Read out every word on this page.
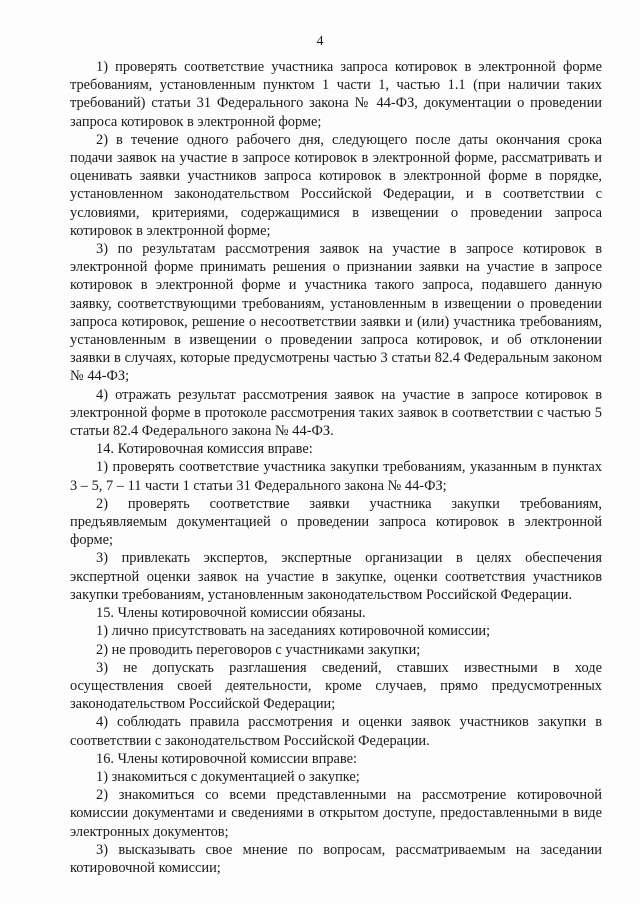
4

1) проверять соответствие участника запроса котировок в электронной форме требованиям, установленным пунктом 1 части 1, частью 1.1 (при наличии таких требований) статьи 31 Федерального закона № 44-ФЗ, документации о проведении запроса котировок в электронной форме;

2) в течение одного рабочего дня, следующего после даты окончания срока подачи заявок на участие в запросе котировок в электронной форме, рассматривать и оценивать заявки участников запроса котировок в электронной форме в порядке, установленном законодательством Российской Федерации, и в соответствии с условиями, критериями, содержащимися в извещении о проведении запроса котировок в электронной форме;

3) по результатам рассмотрения заявок на участие в запросе котировок в электронной форме принимать решения о признании заявки на участие в запросе котировок в электронной форме и участника такого запроса, подавшего данную заявку, соответствующими требованиям, установленным в извещении о проведении запроса котировок, решение о несоответствии заявки и (или) участника требованиям, установленным в извещении о проведении запроса котировок, и об отклонении заявки в случаях, которые предусмотрены частью 3 статьи 82.4 Федеральным законом № 44-ФЗ;

4) отражать результат рассмотрения заявок на участие в запросе котировок в электронной форме в протоколе рассмотрения таких заявок в соответствии с частью 5 статьи 82.4 Федерального закона № 44-ФЗ.

14. Котировочная комиссия вправе:

1) проверять соответствие участника закупки требованиям, указанным в пунктах 3 – 5, 7 – 11 части 1 статьи 31 Федерального закона № 44-ФЗ;

2) проверять соответствие заявки участника закупки требованиям, предъявляемым документацией о проведении запроса котировок в электронной форме;

3) привлекать экспертов, экспертные организации в целях обеспечения экспертной оценки заявок на участие в закупке, оценки соответствия участников закупки требованиям, установленным законодательством Российской Федерации.

15. Члены котировочной комиссии обязаны.

1) лично присутствовать на заседаниях котировочной комиссии;

2) не проводить переговоров с участниками закупки;

3) не допускать разглашения сведений, ставших известными в ходе осуществления своей деятельности, кроме случаев, прямо предусмотренных законодательством Российской Федерации;

4) соблюдать правила рассмотрения и оценки заявок участников закупки в соответствии с законодательством Российской Федерации.

16. Члены котировочной комиссии вправе:

1) знакомиться с документацией о закупке;

2) знакомиться со всеми представленными на рассмотрение котировочной комиссии документами и сведениями в открытом доступе, предоставленными в виде электронных документов;

3) высказывать свое мнение по вопросам, рассматриваемым на заседании котировочной комиссии;
